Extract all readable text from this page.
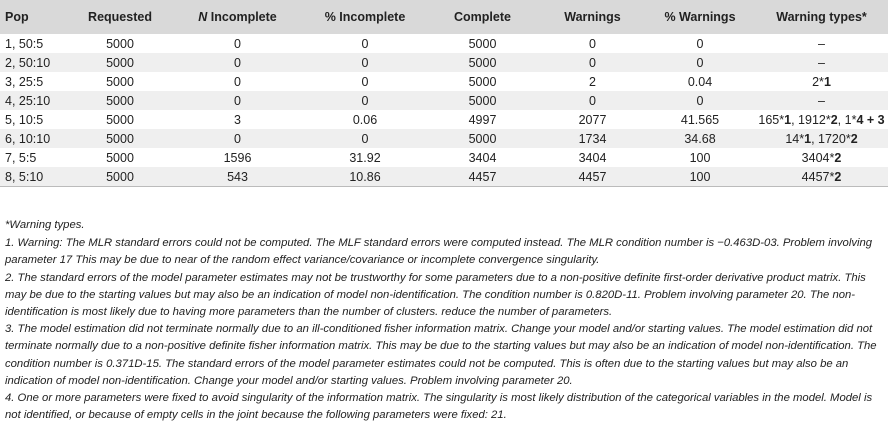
Pop	Requested	N Incomplete	% Incomplete	Complete	Warnings	% Warnings	Warning types*
1, 50:5	5000	0	0	5000	0	0	–
2, 50:10	5000	0	0	5000	0	0	–
3, 25:5	5000	0	0	5000	2	0.04	2*1
4, 25:10	5000	0	0	5000	0	0	–
5, 10:5	5000	3	0.06	4997	2077	41.565	165*1, 1912*2, 1*4 + 3
6, 10:10	5000	0	0	5000	1734	34.68	14*1, 1720*2
7, 5:5	5000	1596	31.92	3404	3404	100	3404*2
8, 5:10	5000	543	10.86	4457	4457	100	4457*2

*Warning types.

1. Warning: The MLR standard errors could not be computed. The MLF standard errors were computed instead. The MLR condition number is −0.463D-03. Problem involving parameter 17 This may be due to near of the random effect variance/covariance or incomplete convergence singularity.

2. The standard errors of the model parameter estimates may not be trustworthy for some parameters due to a non-positive definite first-order derivative product matrix. This may be due to the starting values but may also be an indication of model non-identification. The condition number is 0.820D-11. Problem involving parameter 20. The non-identification is most likely due to having more parameters than the number of clusters. reduce the number of parameters.

3. The model estimation did not terminate normally due to an ill-conditioned fisher information matrix. Change your model and/or starting values. The model estimation did not terminate normally due to a non-positive definite fisher information matrix. This may be due to the starting values but may also be an indication of model non-identification. The condition number is 0.371D-15. The standard errors of the model parameter estimates could not be computed. This is often due to the starting values but may also be an indication of model non-identification. Change your model and/or starting values. Problem involving parameter 20.

4. One or more parameters were fixed to avoid singularity of the information matrix. The singularity is most likely distribution of the categorical variables in the model. Model is not identified, or because of empty cells in the joint because the following parameters were fixed: 21.
